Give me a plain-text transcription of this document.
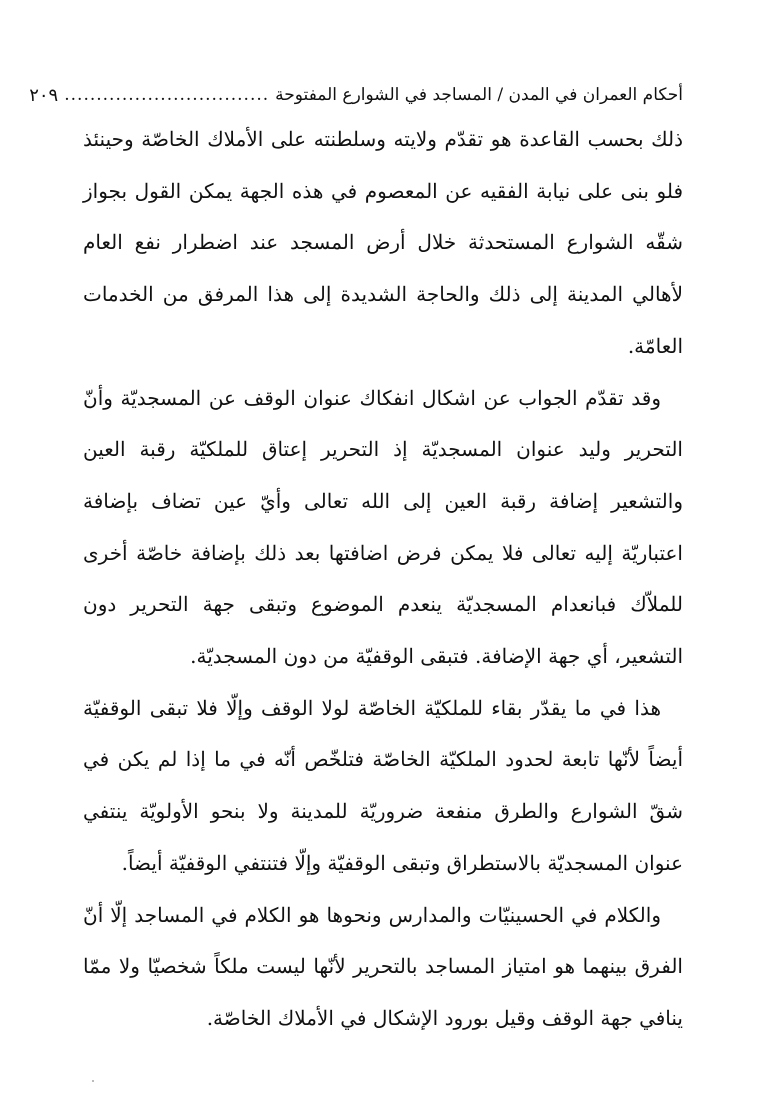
أحكام العمران في المدن / المساجد في الشوارع المفتوحة
................................
٢٠٩

ذلك بحسب القاعدة هو تقدّم ولايته وسلطنته على الأملاك الخاصّة وحينئذ فلو بنى على نيابة الفقيه عن المعصوم في هذه الجهة يمكن القول بجواز شقّه الشوارع المستحدثة خلال أرض المسجد عند اضطرار نفع العام لأهالي المدينة إلى ذلك والحاجة الشديدة إلى هذا المرفق من الخدمات العامّة.

وقد تقدّم الجواب عن اشكال انفكاك عنوان الوقف عن المسجديّة وأنّ التحرير وليد عنوان المسجديّة إذ التحرير إعتاق للملكيّة رقبة العين والتشعير إضافة رقبة العين إلى الله تعالى وأيّ عين تضاف بإضافة اعتباريّة إليه تعالى فلا يمكن فرض اضافتها بعد ذلك بإضافة خاصّة أخرى للملاّك فبانعدام المسجديّة ينعدم الموضوع وتبقى جهة التحرير دون التشعير، أي جهة الإضافة. فتبقى الوقفيّة من دون المسجديّة.

هذا في ما يقدّر بقاء للملكيّة الخاصّة لولا الوقف وإلّا فلا تبقى الوقفيّة أيضاً لأنّها تابعة لحدود الملكيّة الخاصّة فتلخّص أنّه في ما إذا لم يكن في شقّ الشوارع والطرق منفعة ضروريّة للمدينة ولا بنحو الأولويّة ينتفي عنوان المسجديّة بالاستطراق وتبقى الوقفيّة وإلّا فتنتفي الوقفيّة أيضاً.

والكلام في الحسينيّات والمدارس ونحوها هو الكلام في المساجد إلّا أنّ الفرق بينهما هو امتياز المساجد بالتحرير لأنّها ليست ملكاً شخصيّا ولا ممّا ينافي جهة الوقف وقيل بورود الإشكال في الأملاك الخاصّة.
